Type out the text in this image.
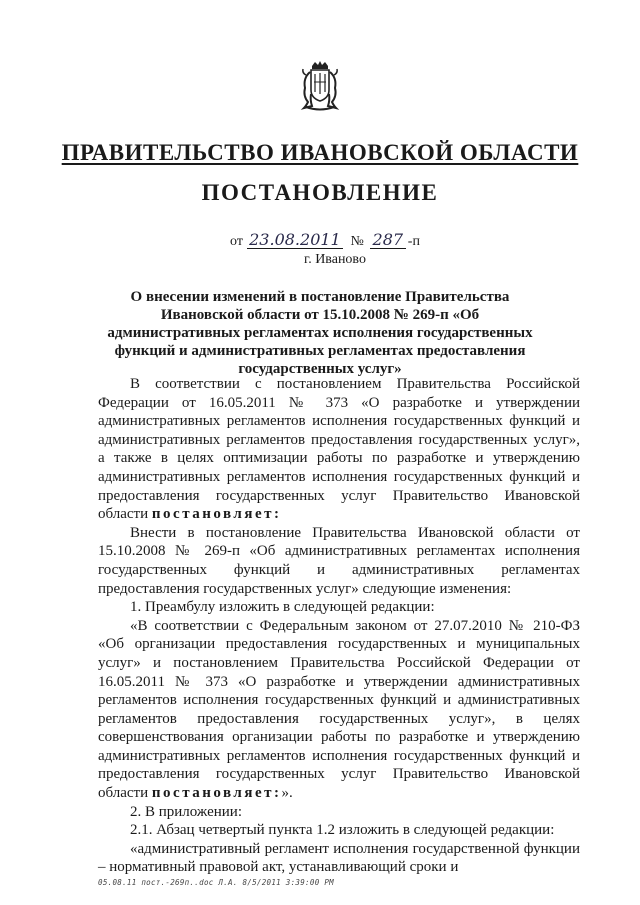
ПРАВИТЕЛЬСТВО ИВАНОВСКОЙ ОБЛАСТИ
ПОСТАНОВЛЕНИЕ
от 23.08.2011 № 287 -п
г. Иваново
О внесении изменений в постановление Правительства Ивановской области от 15.10.2008 № 269-п «Об административных регламентах исполнения государственных функций и административных регламентах предоставления государственных услуг»

В соответствии с постановлением Правительства Российской Федерации от 16.05.2011 № 373 «О разработке и утверждении административных регламентов исполнения государственных функций и административных регламентов предоставления государственных услуг», а также в целях оптимизации работы по разработке и утверждению административных регламентов исполнения государственных функций и предоставления государственных услуг Правительство Ивановской области постановляет:

Внести в постановление Правительства Ивановской области от 15.10.2008 № 269-п «Об административных регламентах исполнения государственных функций и административных регламентах предоставления государственных услуг» следующие изменения:

1. Преамбулу изложить в следующей редакции:

«В соответствии с Федеральным законом от 27.07.2010 № 210-ФЗ «Об организации предоставления государственных и муниципальных услуг» и постановлением Правительства Российской Федерации от 16.05.2011 № 373 «О разработке и утверждении административных регламентов исполнения государственных функций и административных регламентов предоставления государственных услуг», в целях совершенствования организации работы по разработке и утверждению административных регламентов исполнения государственных функций и предоставления государственных услуг Правительство Ивановской области постановляет:».

2. В приложении:

2.1. Абзац четвертый пункта 1.2 изложить в следующей редакции:

«административный регламент исполнения государственной функции – нормативный правовой акт, устанавливающий сроки и

05.08.11 пост.-269п..doc Л.А. 8/5/2011 3:39:00 PM
